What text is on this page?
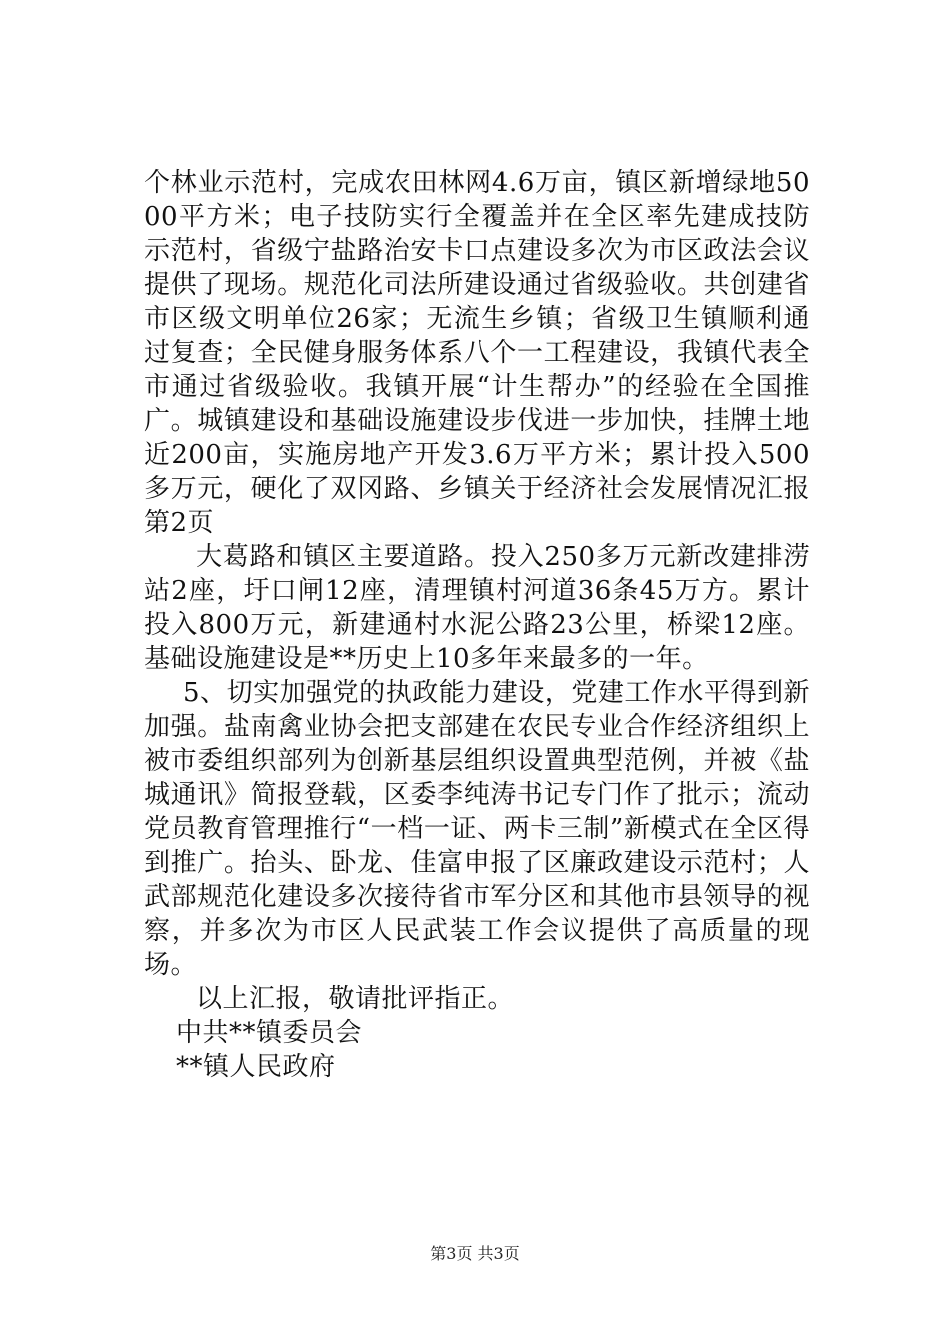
个林业示范村，完成农田林网4.6万亩，镇区新增绿地5000平方米；电子技防实行全覆盖并在全区率先建成技防示范村，省级宁盐路治安卡口点建设多次为市区政法会议提供了现场。规范化司法所建设通过省级验收。共创建省市区级文明单位26家；无流生乡镇；省级卫生镇顺利通过复查；全民健身服务体系八个一工程建设，我镇代表全市通过省级验收。我镇开展“计生帮办”的经验在全国推广。城镇建设和基础设施建设步伐进一步加快，挂牌土地近200亩，实施房地产开发3.6万平方米；累计投入500多万元，硬化了双冈路、乡镇关于经济社会发展情况汇报第2页

大葛路和镇区主要道路。投入250多万元新改建排涝站2座，圩口闸12座，清理镇村河道36条45万方。累计投入800万元，新建通村水泥公路23公里，桥梁12座。基础设施建设是**历史上10多年来最多的一年。

5、切实加强党的执政能力建设，党建工作水平得到新加强。盐南禽业协会把支部建在农民专业合作经济组织上被市委组织部列为创新基层组织设置典型范例，并被《盐城通讯》简报登载，区委李纯涛书记专门作了批示；流动党员教育管理推行“一档一证、两卡三制”新模式在全区得到推广。抬头、卧龙、佳富申报了区廉政建设示范村；人武部规范化建设多次接待省市军分区和其他市县领导的视察，并多次为市区人民武装工作会议提供了高质量的现场。

以上汇报，敬请批评指正。

中共**镇委员会

**镇人民政府

第3页 共3页
